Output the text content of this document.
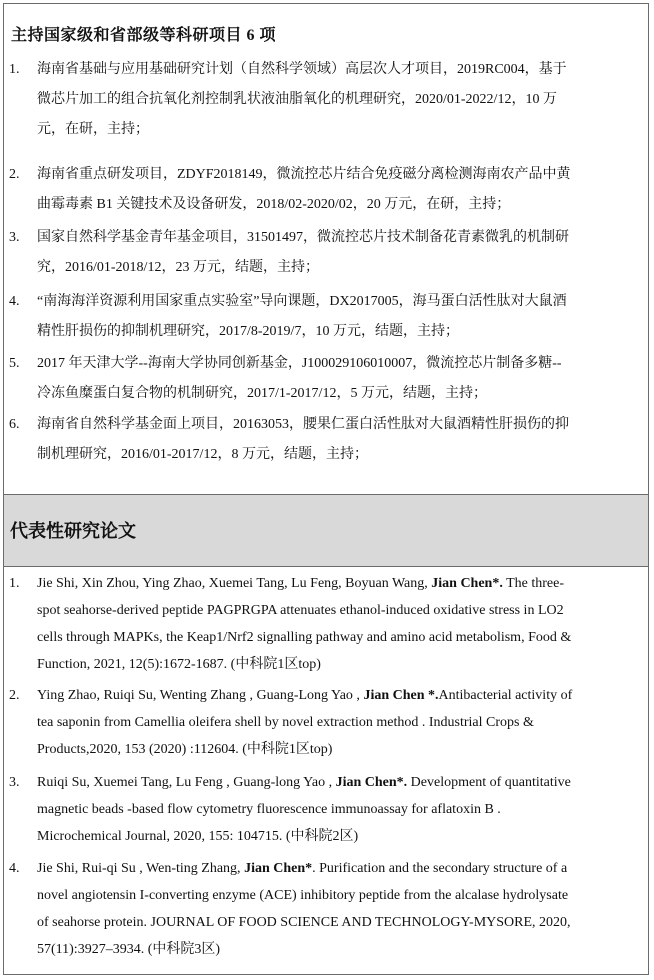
主持国家级和省部级等科研项目 6 项
1. 海南省基础与应用基础研究计划（自然科学领域）高层次人才项目，2019RC004，基于
微芯片加工的组合抗氧化剂控制乳状液油脂氧化的机理研究，2020/01-2022/12，10 万
元，在研，主持；
2. 海南省重点研发项目，ZDYF2018149，微流控芯片结合免疫磁分离检测海南农产品中黄
曲霉毒素 B1 关键技术及设备研发，2018/02-2020/02，20 万元，在研，主持；
3. 国家自然科学基金青年基金项目，31501497，微流控芯片技术制备花青素微乳的机制研
究，2016/01-2018/12，23 万元，结题，主持；
4. “南海海洋资源利用国家重点实验室”导向课题，DX2017005，海马蛋白活性肽对大鼠酒
精性肝损伤的抑制机理研究，2017/8-2019/7，10 万元，结题，主持；
5. 2017 年天津大学--海南大学协同创新基金，J100029106010007，微流控芯片制备多糖--
冷冻鱼糜蛋白复合物的机制研究，2017/1-2017/12，5 万元，结题，主持；
6. 海南省自然科学基金面上项目，20163053，腰果仁蛋白活性肽对大鼠酒精性肝损伤的抑
制机理研究，2016/01-2017/12，8 万元，结题，主持；
代表性研究论文
1. Jie Shi, Xin Zhou, Ying Zhao, Xuemei Tang, Lu Feng, Boyuan Wang, Jian Chen*. The three-
spot seahorse-derived peptide PAGPRGPA attenuates ethanol-induced oxidative stress in LO2
cells through MAPKs, the Keap1/Nrf2 signalling pathway and amino acid metabolism, Food &
Function, 2021, 12(5):1672-1687. (中科院1区top)
2. Ying Zhao, Ruiqi Su, Wenting Zhang , Guang-Long Yao , Jian Chen *.Antibacterial activity of
tea saponin from Camellia oleifera shell by novel extraction method . Industrial Crops &
Products,2020, 153 (2020) :112604. (中科院1区top)
3. Ruiqi Su, Xuemei Tang, Lu Feng , Guang-long Yao , Jian Chen*. Development of quantitative
magnetic beads -based flow cytometry fluorescence immunoassay for aflatoxin B .
Microchemical Journal, 2020, 155: 104715. (中科院2区)
4. Jie Shi, Rui-qi Su , Wen-ting Zhang, Jian Chen*. Purification and the secondary structure of a
novel angiotensin I-converting enzyme (ACE) inhibitory peptide from the alcalase hydrolysate
of seahorse protein. JOURNAL OF FOOD SCIENCE AND TECHNOLOGY-MYSORE, 2020,
57(11):3927–3934. (中科院3区)
